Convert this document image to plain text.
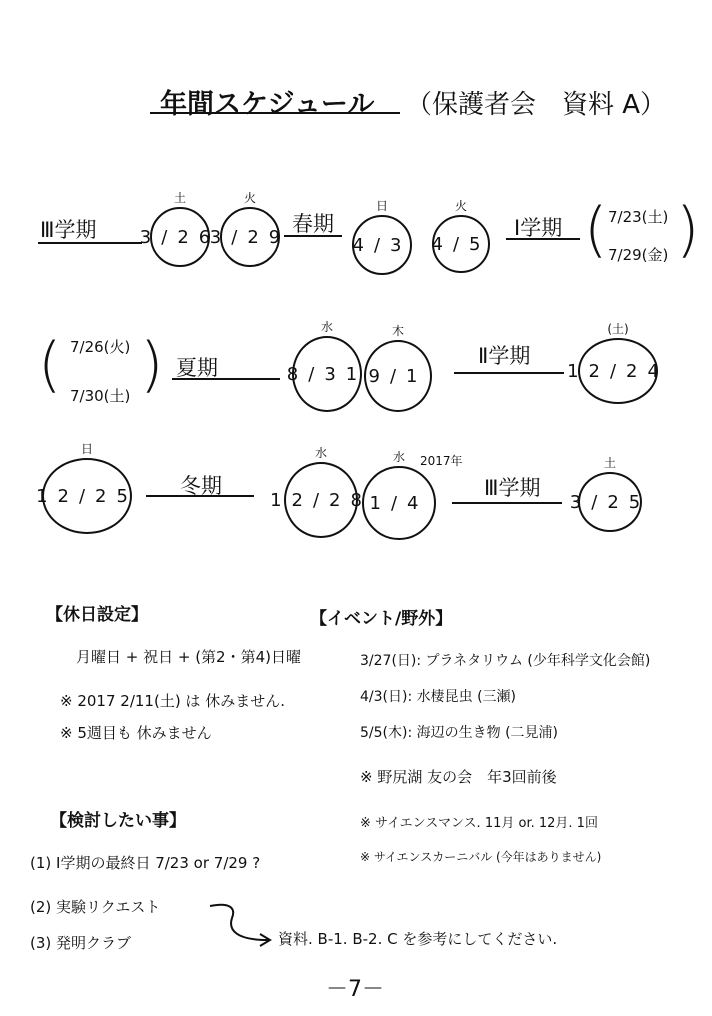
年間スケジュール （保護者会　資料 A）
Ⅲ学期
土
3/26
火
3/29
春期
日
4/3
火
4/5
Ⅰ学期 ( 7/23(土)
7/29(金) )
( 7/26(火)
7/30(土) ) 夏期
水
8/31
木
9/1
Ⅱ学期
(土)
12/24
日
12/25 冬期
水
12/28
水
1/4
2017年
Ⅲ学期
土
3/25
【休日設定】
月曜日 + 祝日 + (第2・第4)日曜
※ 2017 2/11(土) は 休みません.
※ 5週目も 休みません
【イベント/野外】
3/27(日): プラネタリウム (少年科学文化会館)
4/3(日): 水棲昆虫 (三瀬)
5/5(木): 海辺の生き物 (二見浦)
※ 野尻湖 友の会　年3回前後
※ サイエンスマンス. 11月 or. 12月. 1回
※ サイエンスカーニバル (今年はありません)
【検討したい事】
(1) Ⅰ学期の最終日 7/23 or 7/29 ?
(2) 実験リクエスト
(3) 発明クラブ	資料. B-1. B-2. C を参考にしてください.
－7－
